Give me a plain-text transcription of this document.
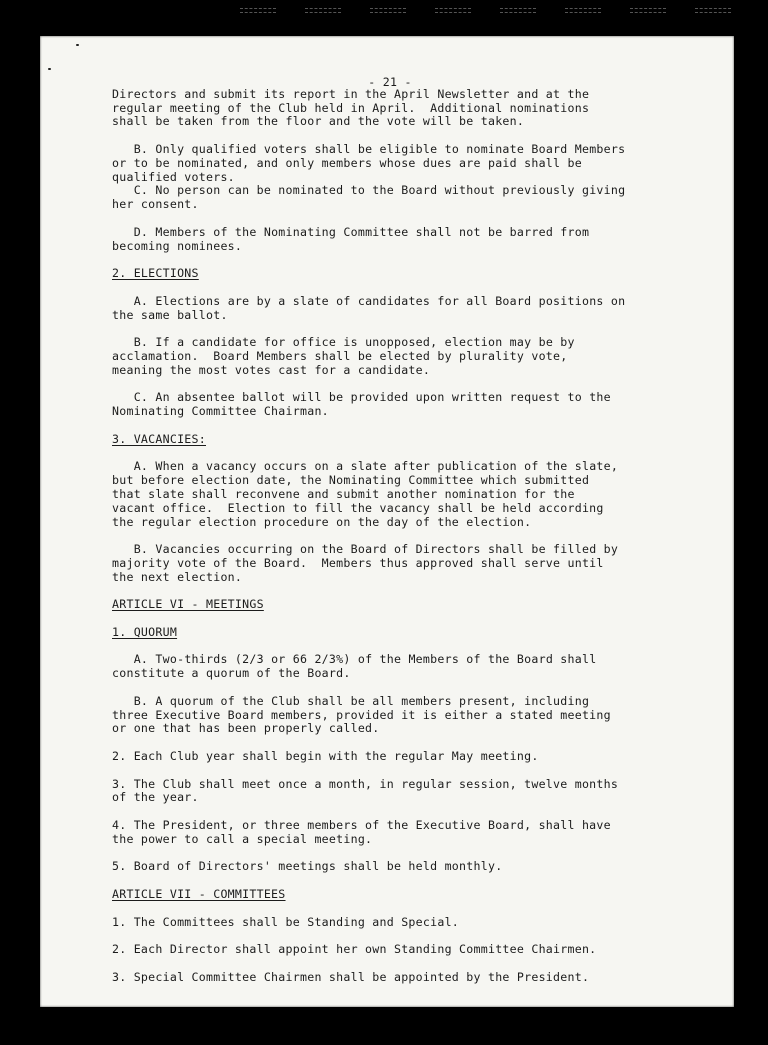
- 21 -

Directors and submit its report in the April Newsletter and at the
regular meeting of the Club held in April.  Additional nominations
shall be taken from the floor and the vote will be taken.

B. Only qualified voters shall be eligible to nominate Board Members
or to be nominated, and only members whose dues are paid shall be
qualified voters.

C. No person can be nominated to the Board without previously giving
her consent.

D. Members of the Nominating Committee shall not be barred from
becoming nominees.

2. ELECTIONS

A. Elections are by a slate of candidates for all Board positions on
the same ballot.

B. If a candidate for office is unopposed, election may be by
acclamation.  Board Members shall be elected by plurality vote,
meaning the most votes cast for a candidate.

C. An absentee ballot will be provided upon written request to the
Nominating Committee Chairman.

3. VACANCIES:

A. When a vacancy occurs on a slate after publication of the slate,
but before election date, the Nominating Committee which submitted
that slate shall reconvene and submit another nomination for the
vacant office.  Election to fill the vacancy shall be held according
the regular election procedure on the day of the election.

B. Vacancies occurring on the Board of Directors shall be filled by
majority vote of the Board.  Members thus approved shall serve until
the next election.

ARTICLE VI - MEETINGS
1. QUORUM

A. Two-thirds (2/3 or 66 2/3%) of the Members of the Board shall
constitute a quorum of the Board.

B. A quorum of the Club shall be all members present, including
three Executive Board members, provided it is either a stated meeting
or one that has been properly called.

2. Each Club year shall begin with the regular May meeting.

3. The Club shall meet once a month, in regular session, twelve months
of the year.

4. The President, or three members of the Executive Board, shall have
the power to call a special meeting.

5. Board of Directors' meetings shall be held monthly.

ARTICLE VII - COMMITTEES

1. The Committees shall be Standing and Special.

2. Each Director shall appoint her own Standing Committee Chairmen.

3. Special Committee Chairmen shall be appointed by the President.
